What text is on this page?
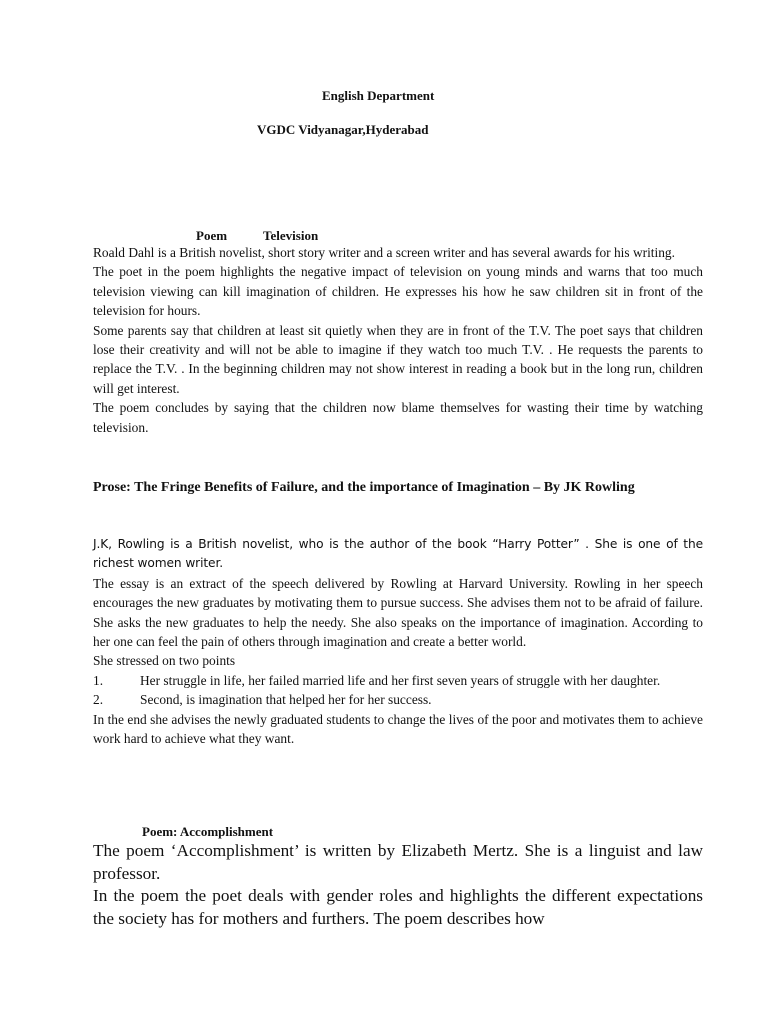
English Department
VGDC Vidyanagar,Hyderabad
Poem	Television

Roald Dahl is a British novelist, short story writer and a screen writer and has several awards for his writing.

The poet in the poem highlights the negative impact of television on young minds and warns that too much television viewing can kill imagination of children. He expresses his how he saw children sit in front of the television for hours.

Some parents say that children at least sit quietly when they are in front of the T.V. The poet says that children lose their creativity and will not be able to imagine if they watch too much T.V. . He requests the parents to replace the T.V. . In the beginning children may not show interest in reading a book but in the long run, children will get interest.

The poem concludes by saying that the children now blame themselves for wasting their time by watching television.

Prose: The Fringe Benefits of Failure, and the importance of Imagination – By JK Rowling

J.K, Rowling is a British novelist, who is the author of the book “Harry Potter” . She is one of the richest women writer.

The essay is an extract of the speech delivered by Rowling at Harvard University. Rowling in her speech encourages the new graduates by motivating them to pursue success. She advises them not to be afraid of failure. She asks the new graduates to help the needy. She also speaks on the importance of imagination. According to her one can feel the pain of others through imagination and create a better world.

She stressed on two points

1.	Her struggle in life, her failed married life and her first seven years of struggle with her daughter.

2.	Second, is imagination that helped her for her success.

In the end she advises the newly graduated students to change the lives of the poor and motivates them to achieve work hard to achieve what they want.

Poem: Accomplishment

The poem ‘Accomplishment’ is written by Elizabeth Mertz. She is a linguist and law professor.

In the poem the poet deals with gender roles and highlights the different expectations the society has for mothers and furthers. The poem describes how
